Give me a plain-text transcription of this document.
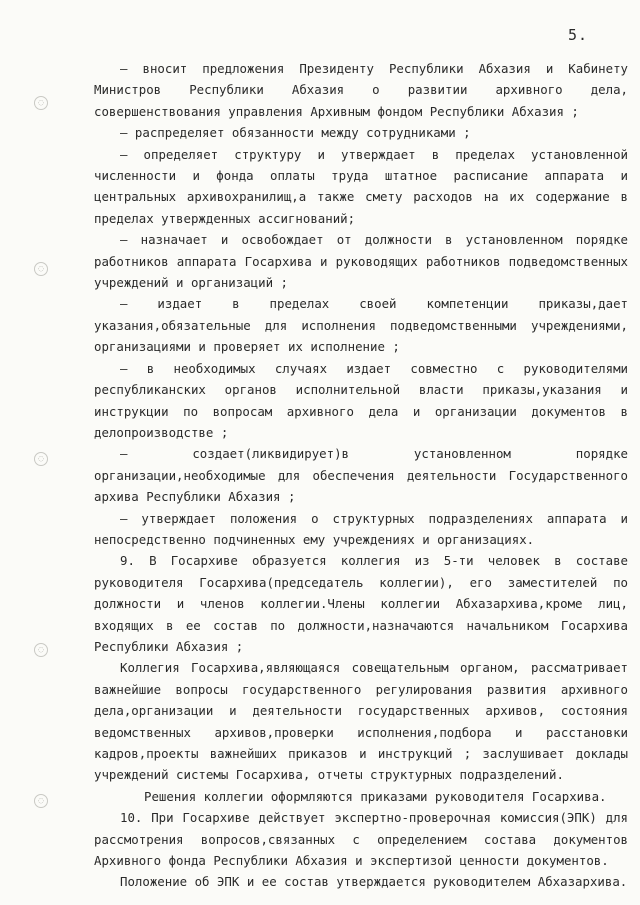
5.
◌
◌
◌
◌
◌

– вносит предложения Президенту Республики Абхазия и Кабинету Министров Республики Абхазия о развитии архивного дела, совершенствования управления Архивным фондом Республики Абхазия ;

– распределяет обязанности между сотрудниками ;

– определяет структуру и утверждает в пределах установленной численности и фонда оплаты труда штатное расписание аппарата и центральных архивохранилищ,а также смету расходов на их содержание в пределах утвержденных ассигнований;

– назначает и освобождает от должности в установленном порядке работников аппарата Госархива и руководящих работников подведомственных учреждений и организаций ;

– издает в пределах своей компетенции приказы,дает указания,обязательные для исполнения подведомственными учреждениями, организациями и проверяет их исполнение ;

– в необходимых случаях издает совместно с руководителями республиканских органов исполнительной власти приказы,указания и инструкции по вопросам архивного дела и организации документов в делопроизводстве ;

– создает(ликвидирует)в установленном порядке организации,необходимые для обеспечения деятельности Государственного архива Республики Абхазия ;

– утверждает положения о структурных подразделениях аппарата и непосредственно подчиненных ему учреждениях и организациях.

9. В Госархиве образуется коллегия из 5-ти человек в составе руководителя Госархива(председатель коллегии), его заместителей по должности и членов коллегии.Члены коллегии Абхазархива,кроме лиц, входящих в ее состав по должности,назначаются начальником Госархива Республики Абхазия ;

Коллегия Госархива,являющаяся совещательным органом, рассматривает важнейшие вопросы государственного регулирования развития архивного дела,организации и деятельности государственных архивов, состояния ведомственных архивов,проверки исполнения,подбора и расстановки кадров,проекты важнейших приказов и инструкций ; заслушивает доклады учреждений системы Госархива, отчеты структурных подразделений.

Решения коллегии оформляются приказами руководителя Госархива.

10. При Госархиве действует экспертно-проверочная комиссия(ЭПК) для рассмотрения вопросов,связанных с определением состава документов Архивного фонда Республики Абхазия и экспертизой ценности документов.

Положение об ЭПК и ее состав утверждается руководителем Абхазархива.
